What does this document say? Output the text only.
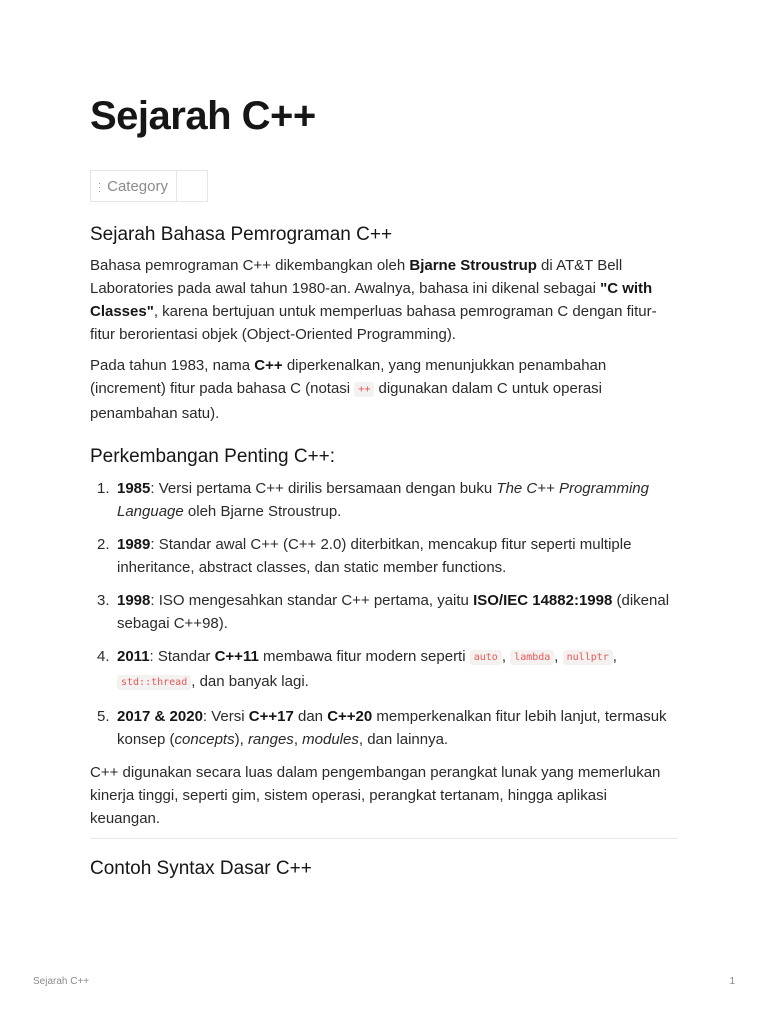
Sejarah C++
Category
Sejarah Bahasa Pemrograman C++

Bahasa pemrograman C++ dikembangkan oleh Bjarne Stroustrup di AT&T Bell Laboratories pada awal tahun 1980-an. Awalnya, bahasa ini dikenal sebagai "C with Classes", karena bertujuan untuk memperluas bahasa pemrograman C dengan fitur-fitur berorientasi objek (Object-Oriented Programming).

Pada tahun 1983, nama C++ diperkenalkan, yang menunjukkan penambahan (increment) fitur pada bahasa C (notasi ++ digunakan dalam C untuk operasi penambahan satu).

Perkembangan Penting C++:
1. 1985: Versi pertama C++ dirilis bersamaan dengan buku The C++ Programming Language oleh Bjarne Stroustrup.
2. 1989: Standar awal C++ (C++ 2.0) diterbitkan, mencakup fitur seperti multiple inheritance, abstract classes, dan static member functions.
3. 1998: ISO mengesahkan standar C++ pertama, yaitu ISO/IEC 14882:1998 (dikenal sebagai C++98).
4. 2011: Standar C++11 membawa fitur modern seperti auto , lambda , nullptr , std::thread , dan banyak lagi.
5. 2017 & 2020: Versi C++17 dan C++20 memperkenalkan fitur lebih lanjut, termasuk konsep (concepts), ranges, modules, dan lainnya.

C++ digunakan secara luas dalam pengembangan perangkat lunak yang memerlukan kinerja tinggi, seperti gim, sistem operasi, perangkat tertanam, hingga aplikasi keuangan.

Contoh Syntax Dasar C++
Sejarah C++	1
